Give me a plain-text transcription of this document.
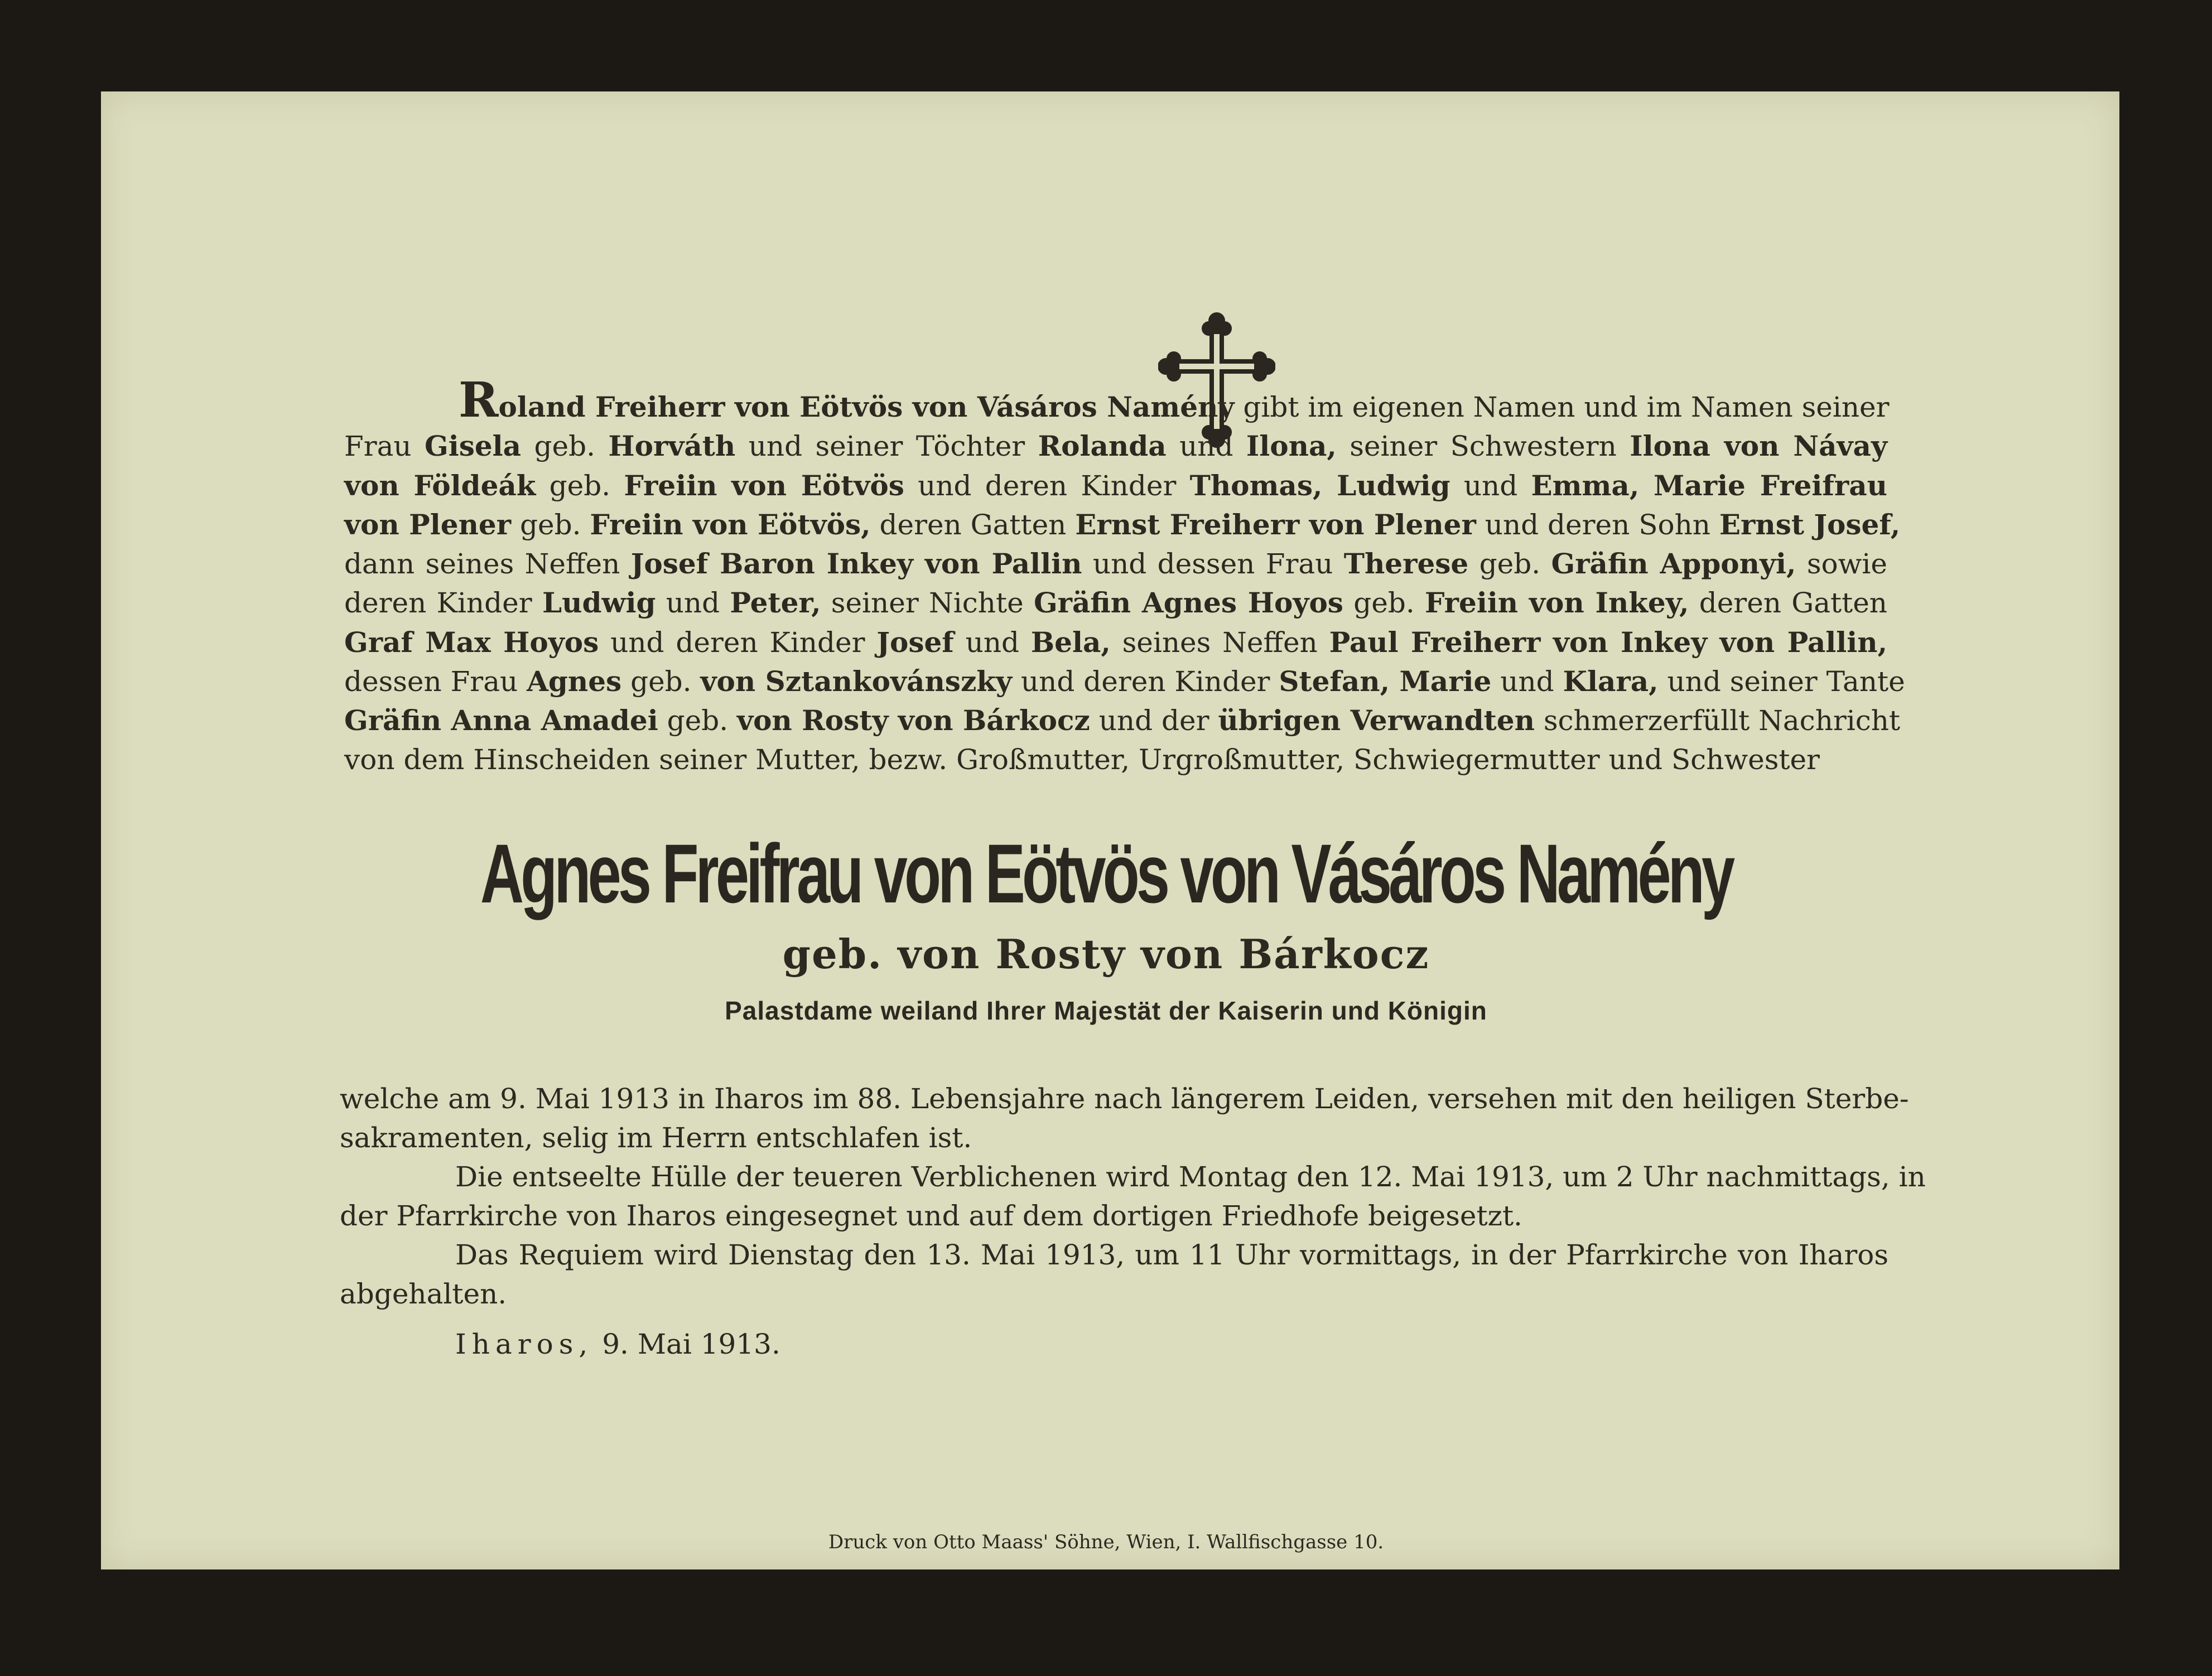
Roland Freiherr von Eötvös von Vásáros Namény gibt im eigenen Namen und im Namen seiner
Frau Gisela geb. Horváth und seiner Töchter Rolanda und Ilona, seiner Schwestern Ilona von Návay
von Földeák geb. Freiin von Eötvös und deren Kinder Thomas, Ludwig und Emma, Marie Freifrau
von Plener geb. Freiin von Eötvös, deren Gatten Ernst Freiherr von Plener und deren Sohn Ernst Josef,
dann seines Neffen Josef Baron Inkey von Pallin und dessen Frau Therese geb. Gräfin Apponyi, sowie
deren Kinder Ludwig und Peter, seiner Nichte Gräfin Agnes Hoyos geb. Freiin von Inkey, deren Gatten
Graf Max Hoyos und deren Kinder Josef und Bela, seines Neffen Paul Freiherr von Inkey von Pallin,
dessen Frau Agnes geb. von Sztankovánszky und deren Kinder Stefan, Marie und Klara, und seiner Tante
Gräfin Anna Amadei geb. von Rosty von Bárkocz und der übrigen Verwandten schmerzerfüllt Nachricht
von dem Hinscheiden seiner Mutter, bezw. Großmutter, Urgroßmutter, Schwiegermutter und Schwester
Agnes Freifrau von Eötvös von Vásáros Namény
geb. von Rosty von Bárkocz
Palastdame weiland Ihrer Majestät der Kaiserin und Königin
welche am 9. Mai 1913 in Iharos im 88. Lebensjahre nach längerem Leiden, versehen mit den heiligen Sterbe-
sakramenten, selig im Herrn entschlafen ist.
Die entseelte Hülle der teueren Verblichenen wird Montag den 12. Mai 1913, um 2 Uhr nachmittags, in
der Pfarrkirche von Iharos eingesegnet und auf dem dortigen Friedhofe beigesetzt.
Das Requiem wird Dienstag den 13. Mai 1913, um 11 Uhr vormittags, in der Pfarrkirche von Iharos
abgehalten.
Iharos, 9. Mai 1913.
Druck von Otto Maass' Söhne, Wien, I. Wallfischgasse 10.
